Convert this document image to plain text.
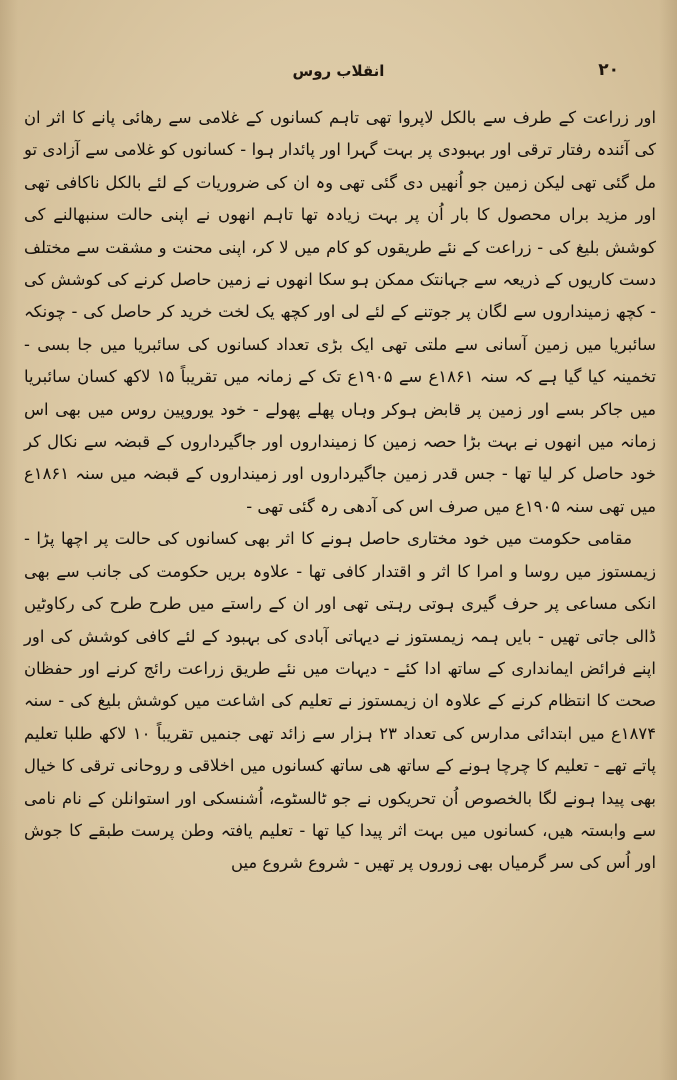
۲۰
انقلاب روس

اور زراعت کے طرف سے بالکل لاپروا تھی تاہم کسانوں کے غلامی سے رھائی پانے کا اثر ان کی آئندہ رفتار ترقی اور بہبودی پر بہت گہرا اور پائدار ہوا - کسانوں کو غلامی سے آزادی تو مل گئی تھی لیکن زمین جو اُنھیں دی گئی تھی وہ ان کی ضروریات کے لئے بالکل ناکافی تھی اور مزید براں محصول کا بار اُن پر بہت زیادہ تھا تاہم انھوں نے اپنی حالت سنبھالنے کی کوشش بلیغ کی - زراعت کے نئے طریقوں کو کام میں لا کر، اپنی محنت و مشقت سے مختلف دست کاریوں کے ذریعہ سے جہانتک ممکن ہو سکا انھوں نے زمین حاصل کرنے کی کوشش کی - کچھ زمینداروں سے لگان پر جوتنے کے لئے لی اور کچھ یک لخت خرید کر حاصل کی - چونکہ سائبریا میں زمین آسانی سے ملتی تھی ایک بڑی تعداد کسانوں کی سائبریا میں جا بسی - تخمینہ کیا گیا ہے کہ سنہ ۱۸۶۱ع سے ۱۹۰۵ع تک کے زمانہ میں تقریباً ۱۵ لاکھ کسان سائبریا میں جاکر بسے اور زمین پر قابض ہوکر وہاں پھلے پھولے - خود یوروپین روس میں بھی اس زمانہ میں انھوں نے بہت بڑا حصہ زمین کا زمینداروں اور جاگیرداروں کے قبضہ سے نکال کر خود حاصل کر لیا تھا - جس قدر زمین جاگیرداروں اور زمینداروں کے قبضہ میں سنہ ۱۸۶۱ع میں تھی سنہ ۱۹۰۵ع میں صرف اس کی آدھی رہ گئی تھی -

مقامی حکومت میں خود مختاری حاصل ہونے کا اثر بھی کسانوں کی حالت پر اچھا پڑا - زیمستوز میں روسا و امرا کا اثر و اقتدار کافی تھا - علاوہ بریں حکومت کی جانب سے بھی انکی مساعی پر حرف گیری ہوتی رہتی تھی اور ان کے راستے میں طرح طرح کی رکاوٹیں ڈالی جاتی تھیں - بایں ہمہ زیمستوز نے دیہاتی آبادی کی بہبود کے لئے کافی کوشش کی اور اپنے فرائض ایمانداری کے ساتھ ادا کئے - دیہات میں نئے طریق زراعت رائج کرنے اور حفظان صحت کا انتظام کرنے کے علاوہ ان زیمستوز نے تعلیم کی اشاعت میں کوشش بلیغ کی - سنہ ۱۸۷۴ع میں ابتدائی مدارس کی تعداد ۲۳ ہزار سے زائد تھی جنمیں تقریباً ۱۰ لاکھ طلبا تعلیم پاتے تھے - تعلیم کا چرچا ہونے کے ساتھ ھی ساتھ کسانوں میں اخلاقی و روحانی ترقی کا خیال بھی پیدا ہونے لگا بالخصوص اُن تحریکوں نے جو ٹالسٹوے، اُشنسکی اور استوانلن کے نام نامی سے وابستہ ھیں، کسانوں میں بہت اثر پیدا کیا تھا - تعلیم یافتہ وطن پرست طبقے کا جوش اور اُس کی سر گرمیاں بھی زوروں پر تھیں - شروع شروع میں
